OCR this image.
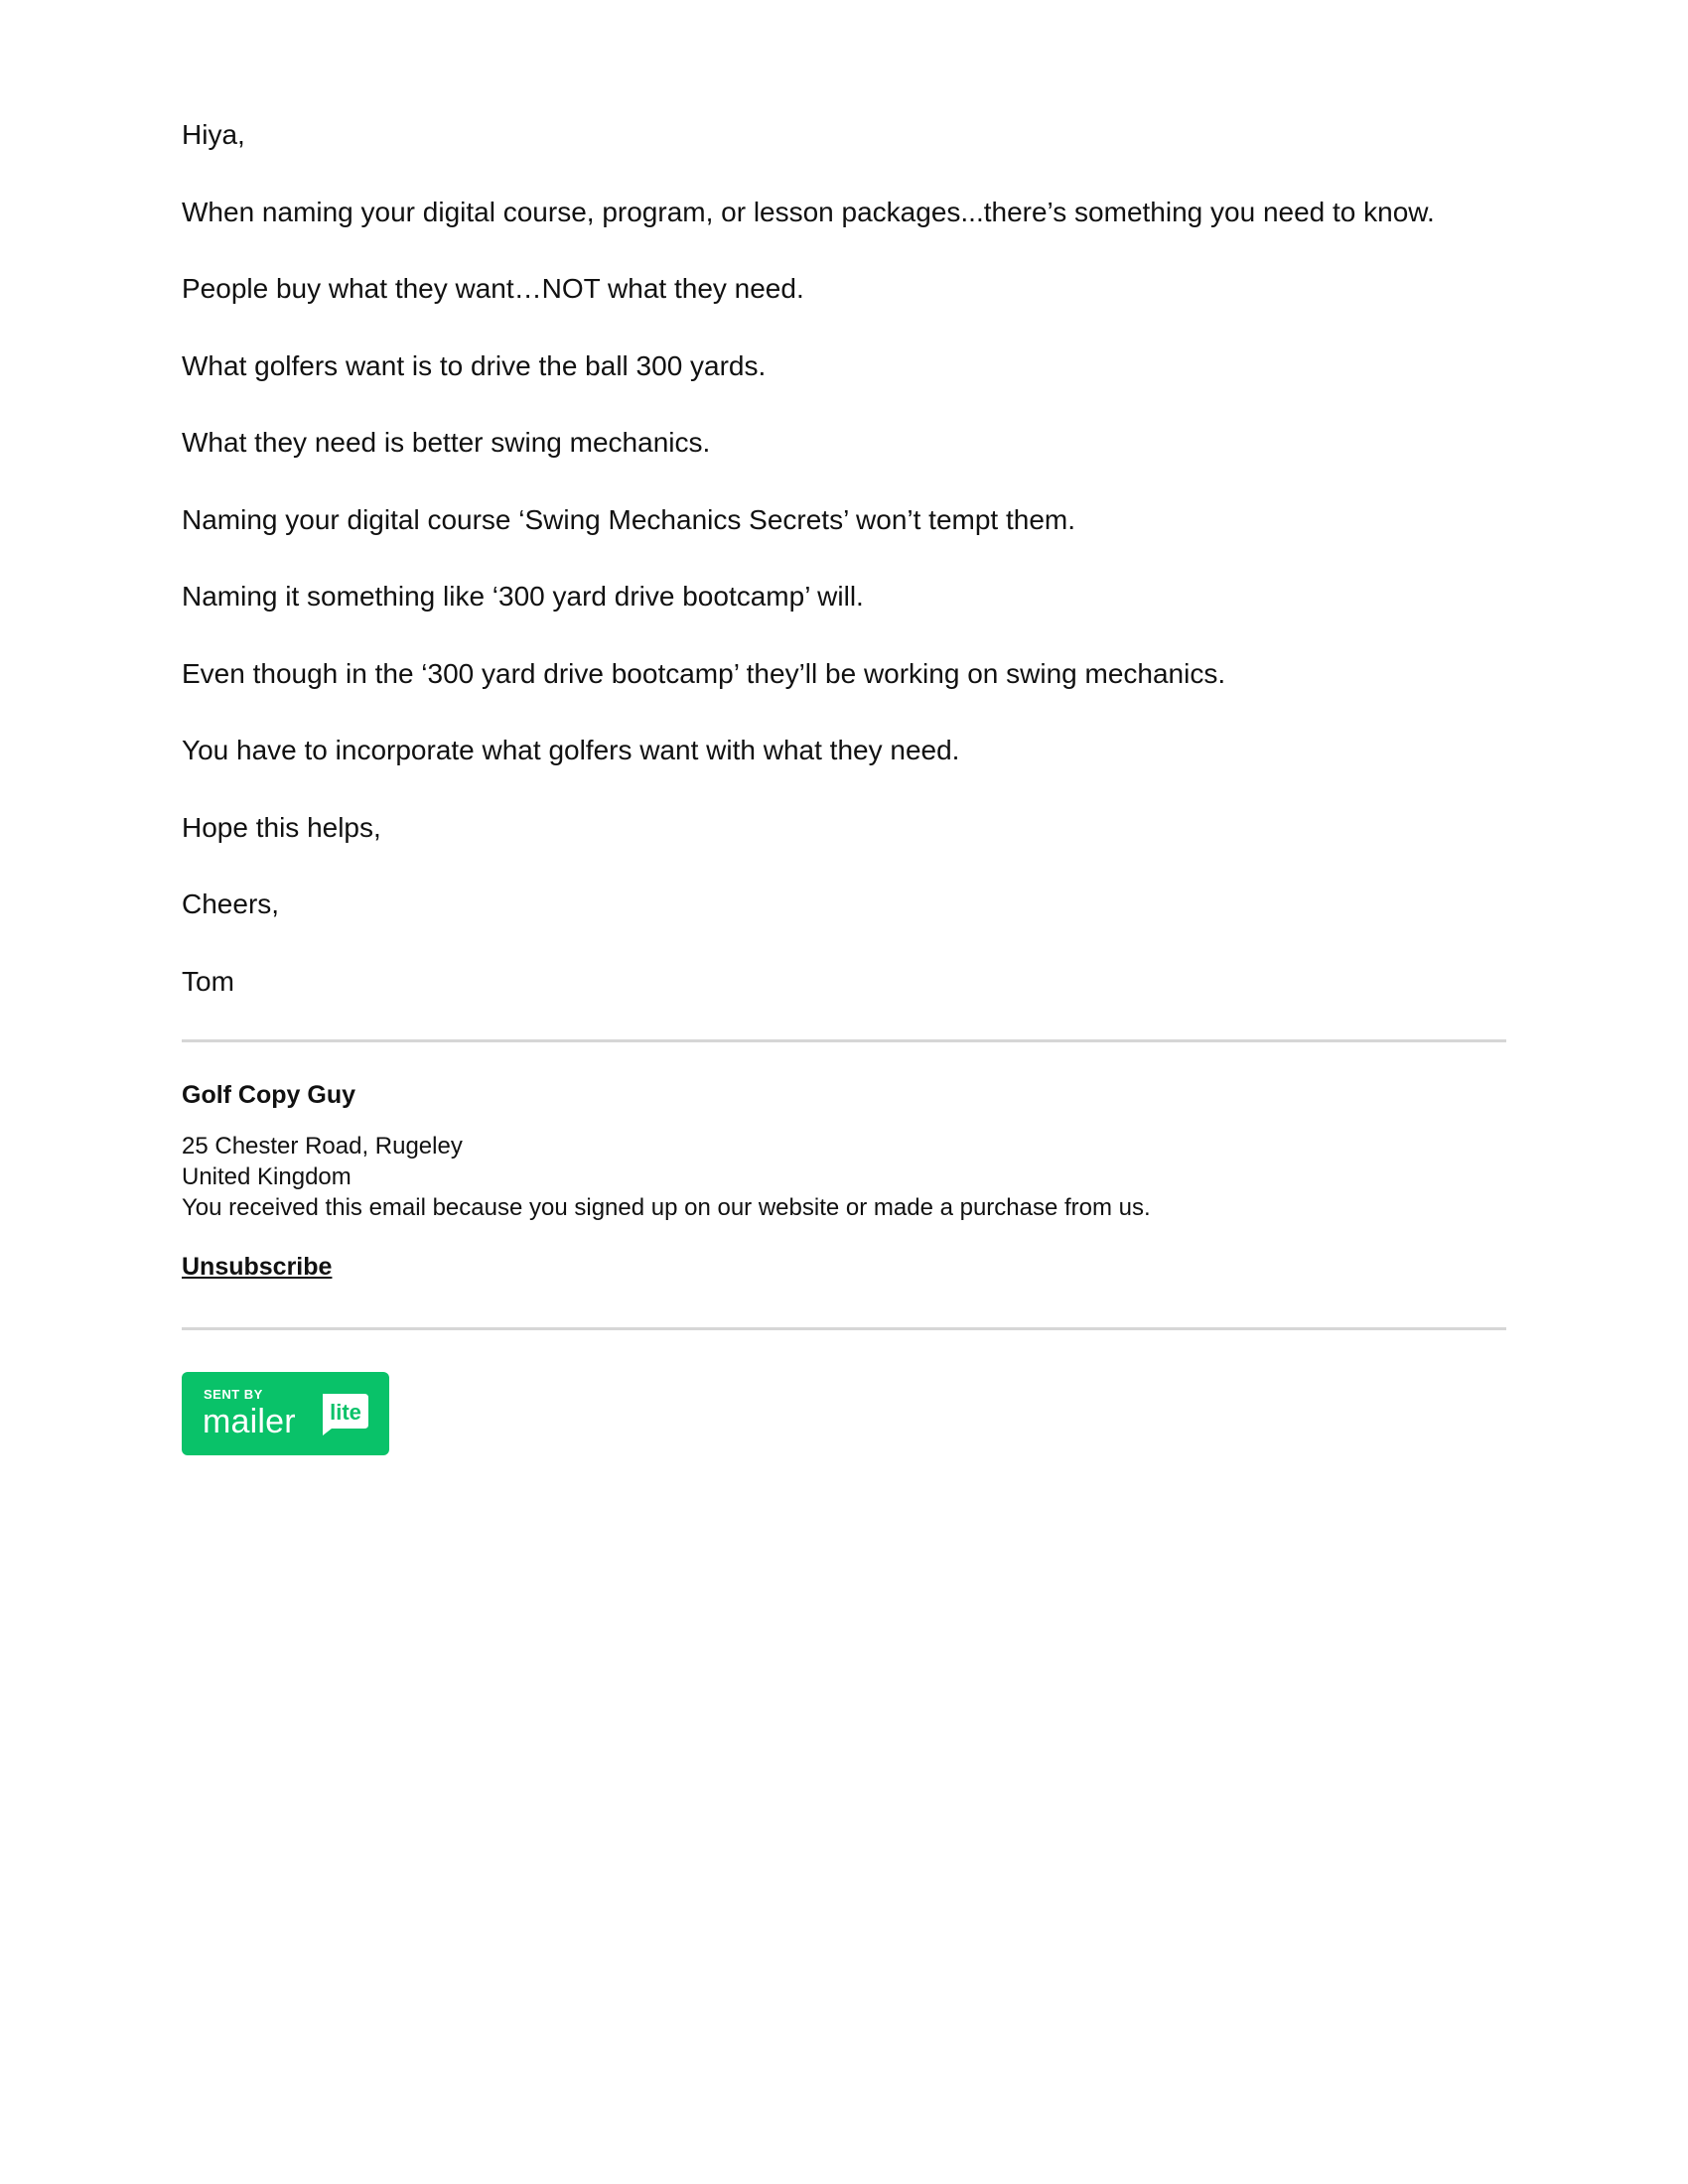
Hiya,

When naming your digital course, program, or lesson packages...there’s something you need to know.

People buy what they want…NOT what they need.

What golfers want is to drive the ball 300 yards.

What they need is better swing mechanics.

Naming your digital course ‘Swing Mechanics Secrets’ won’t tempt them.

Naming it something like ‘300 yard drive bootcamp’ will.

Even though in the ‘300 yard drive bootcamp’ they’ll be working on swing mechanics.

You have to incorporate what golfers want with what they need.

Hope this helps,

Cheers,

Tom

Golf Copy Guy
25 Chester Road, Rugeley
United Kingdom
You received this email because you signed up on our website or made a purchase from us.
Unsubscribe
SENT BY
mailer lite
